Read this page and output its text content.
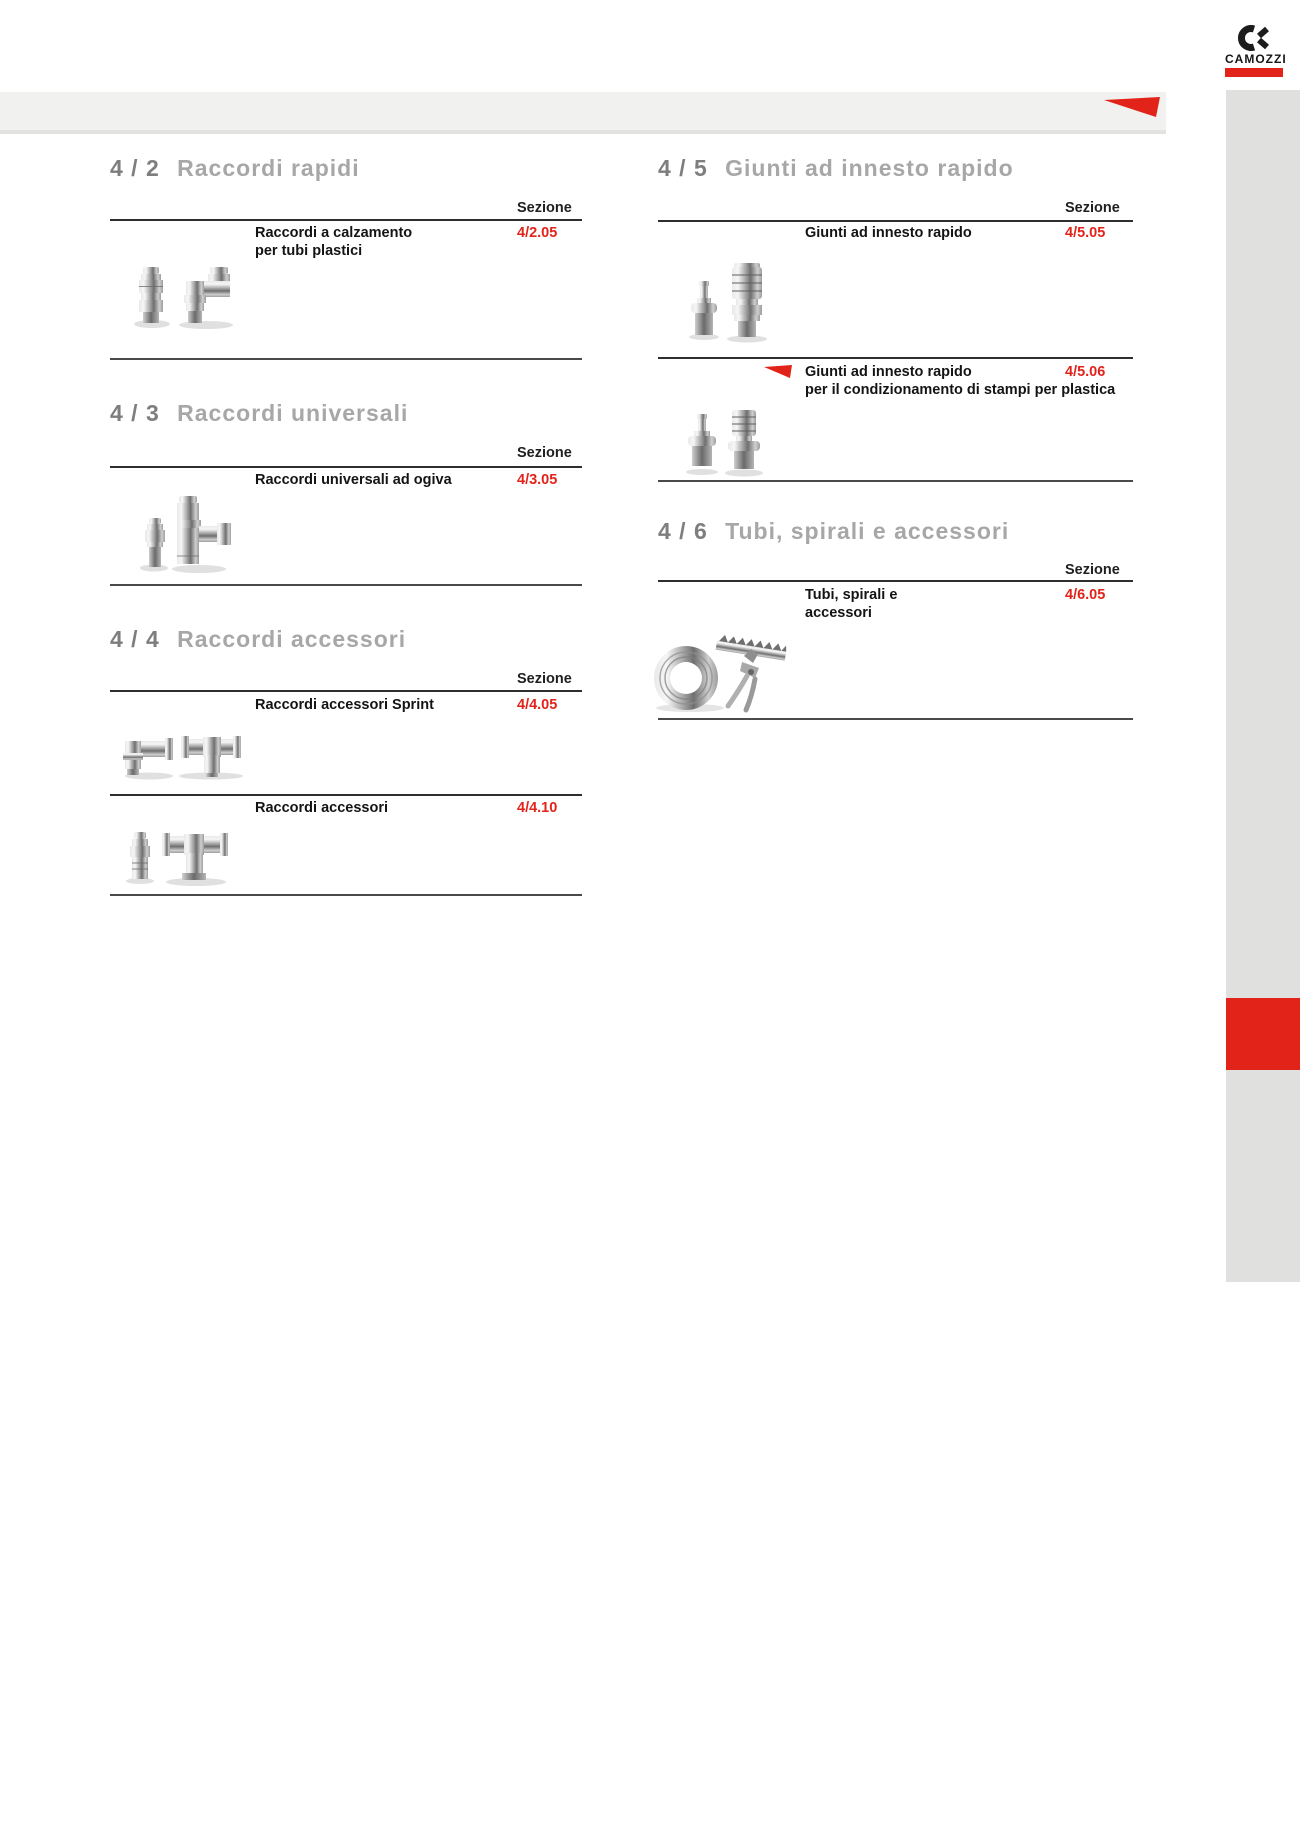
CAMOZZI
4 / 2 Raccordi rapidi
Sezione
Raccordi a calzamento
per tubi plastici
4/2.05
4 / 3 Raccordi universali
Sezione
Raccordi universali ad ogiva	4/3.05
4 / 4 Raccordi accessori
Sezione
Raccordi accessori Sprint	4/4.05
Raccordi accessori	4/4.10
4 / 5 Giunti ad innesto rapido
Sezione
Giunti ad innesto rapido	4/5.05
Giunti ad innesto rapido
per il condizionamento di stampi per plastica
4/5.06
4 / 6 Tubi, spirali e accessori
Sezione
Tubi, spirali e
accessori
4/6.05
